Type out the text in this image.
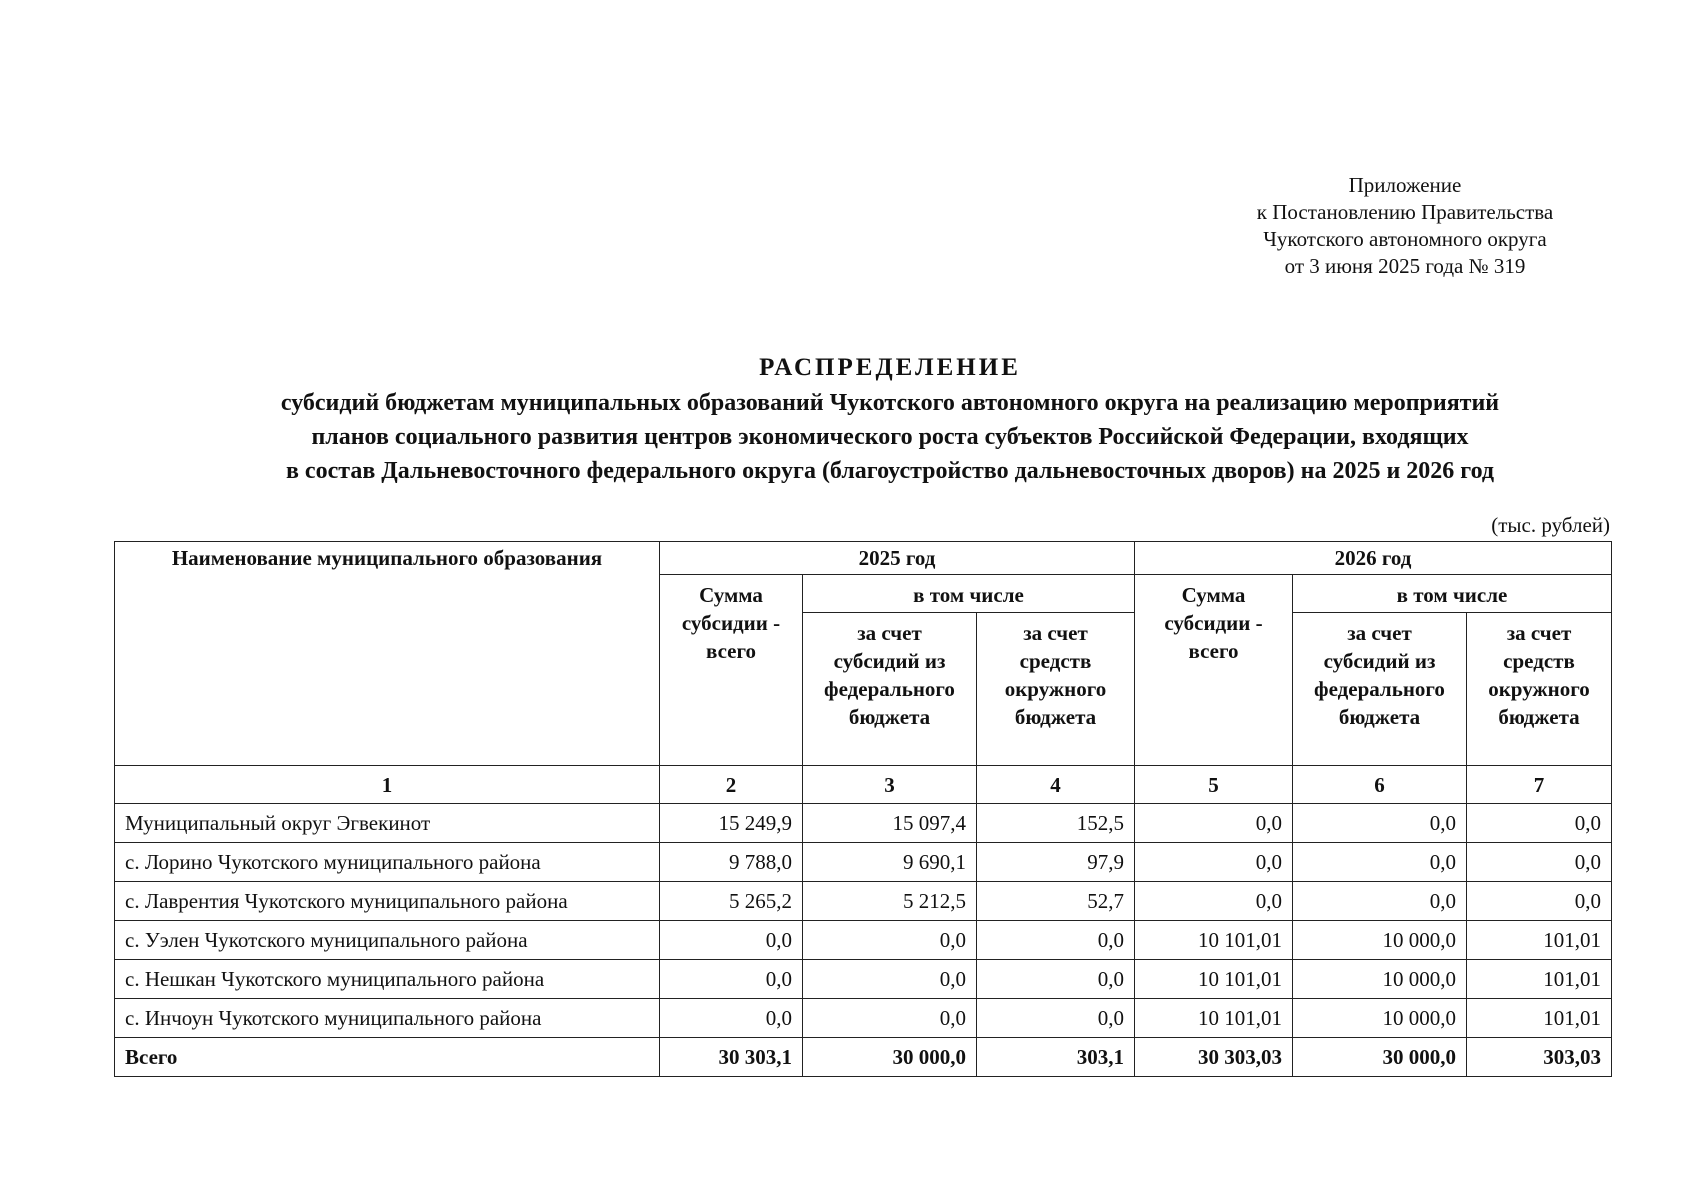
Приложение
к Постановлению Правительства
Чукотского автономного округа
от 3 июня 2025 года № 319
РАСПРЕДЕЛЕНИЕ
субсидий бюджетам муниципальных образований Чукотского автономного округа на реализацию мероприятий
планов социального развития центров экономического роста субъектов Российской Федерации, входящих
в состав Дальневосточного федерального округа (благоустройство дальневосточных дворов) на 2025 и 2026 год
(тыс. рублей)
Наименование муниципального образования	2025 год			2026 год		
	Сумма
субсидии -
всего	в том числе		Сумма
субсидии -
всего	в том числе	
		за счет
субсидий из
федерального
бюджета	за счет
средств
окружного
бюджета		за счет
субсидий из
федерального
бюджета	за счет
средств
окружного
бюджета
1	2	3	4	5	6	7
Муниципальный округ Эгвекинот	15 249,9	15 097,4	152,5	0,0	0,0	0,0
с. Лорино Чукотского муниципального района	9 788,0	9 690,1	97,9	0,0	0,0	0,0
с. Лаврентия Чукотского муниципального района	5 265,2	5 212,5	52,7	0,0	0,0	0,0
с. Уэлен Чукотского муниципального района	0,0	0,0	0,0	10 101,01	10 000,0	101,01
с. Нешкан Чукотского муниципального района	0,0	0,0	0,0	10 101,01	10 000,0	101,01
с. Инчоун Чукотского муниципального района	0,0	0,0	0,0	10 101,01	10 000,0	101,01
Всего	30 303,1	30 000,0	303,1	30 303,03	30 000,0	303,03
